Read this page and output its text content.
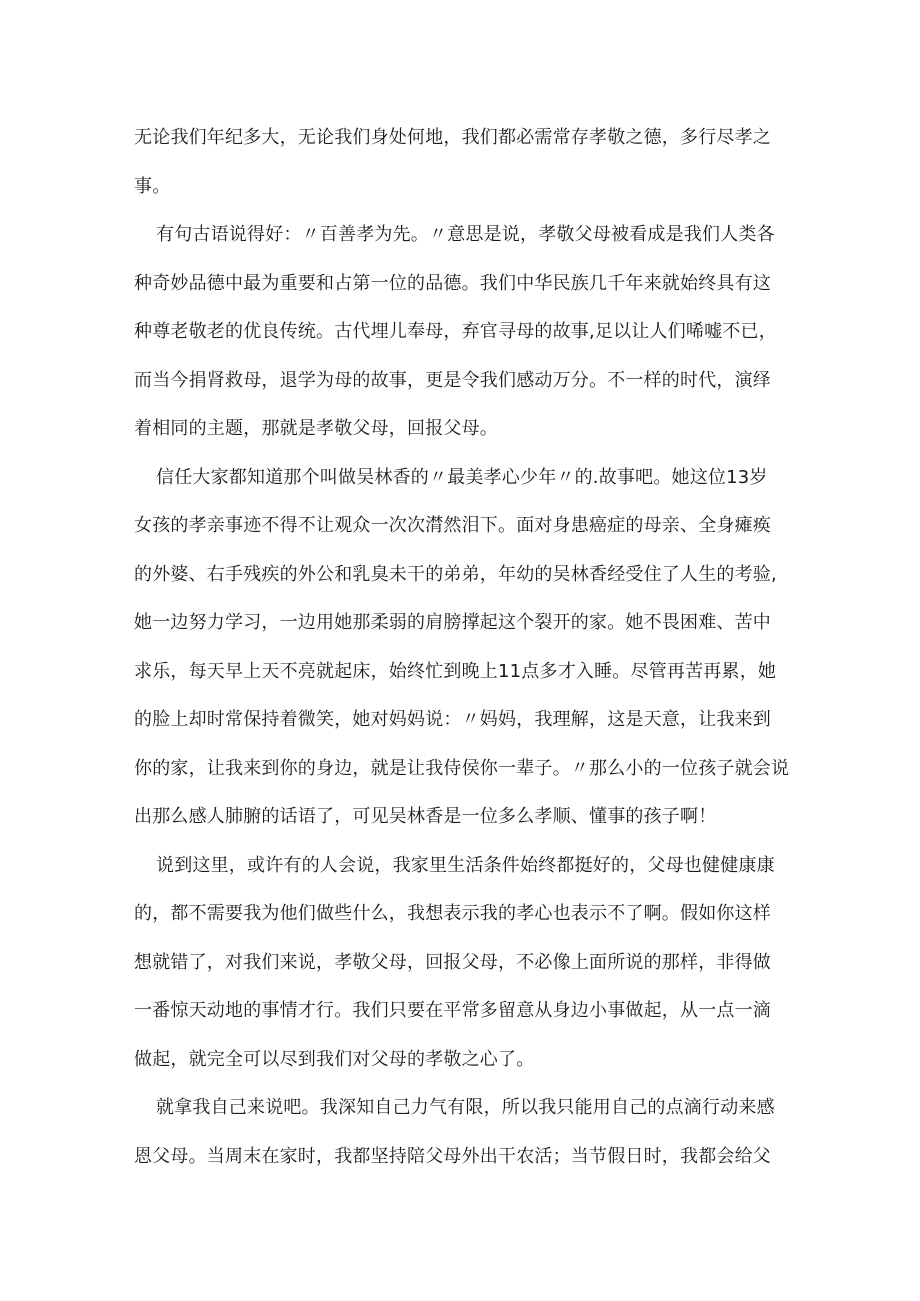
无论我们年纪多大，无论我们身处何地，我们都必需常存孝敬之德，多行尽孝之
事。
有句古语说得好：〃百善孝为先。〃意思是说，孝敬父母被看成是我们人类各
种奇妙品德中最为重要和占第一位的品德。我们中华民族几千年来就始终具有这
种尊老敬老的优良传统。古代埋儿奉母，弃官寻母的故事,足以让人们唏嘘不已，
而当今捐肾救母，退学为母的故事，更是令我们感动万分。不一样的时代，演绎
着相同的主题，那就是孝敬父母，回报父母。
信任大家都知道那个叫做吴林香的〃最美孝心少年〃的.故事吧。她这位13岁
女孩的孝亲事迹不得不让观众一次次潸然泪下。面对身患癌症的母亲、全身瘫痪
的外婆、右手残疾的外公和乳臭未干的弟弟，年幼的吴林香经受住了人生的考验,
她一边努力学习，一边用她那柔弱的肩膀撑起这个裂开的家。她不畏困难、苦中
求乐，每天早上天不亮就起床，始终忙到晚上11点多才入睡。尽管再苦再累，她
的脸上却时常保持着微笑，她对妈妈说：〃妈妈，我理解，这是天意，让我来到
你的家，让我来到你的身边，就是让我侍侯你一辈子。〃那么小的一位孩子就会说
出那么感人肺腑的话语了，可见吴林香是一位多么孝顺、懂事的孩子啊！
说到这里，或许有的人会说，我家里生活条件始终都挺好的，父母也健健康康
的，都不需要我为他们做些什么，我想表示我的孝心也表示不了啊。假如你这样
想就错了，对我们来说，孝敬父母，回报父母，不必像上面所说的那样，非得做
一番惊天动地的事情才行。我们只要在平常多留意从身边小事做起，从一点一滴
做起，就完全可以尽到我们对父母的孝敬之心了。
就拿我自己来说吧。我深知自己力气有限，所以我只能用自己的点滴行动来感
恩父母。当周末在家时，我都坚持陪父母外出干农活；当节假日时，我都会给父
